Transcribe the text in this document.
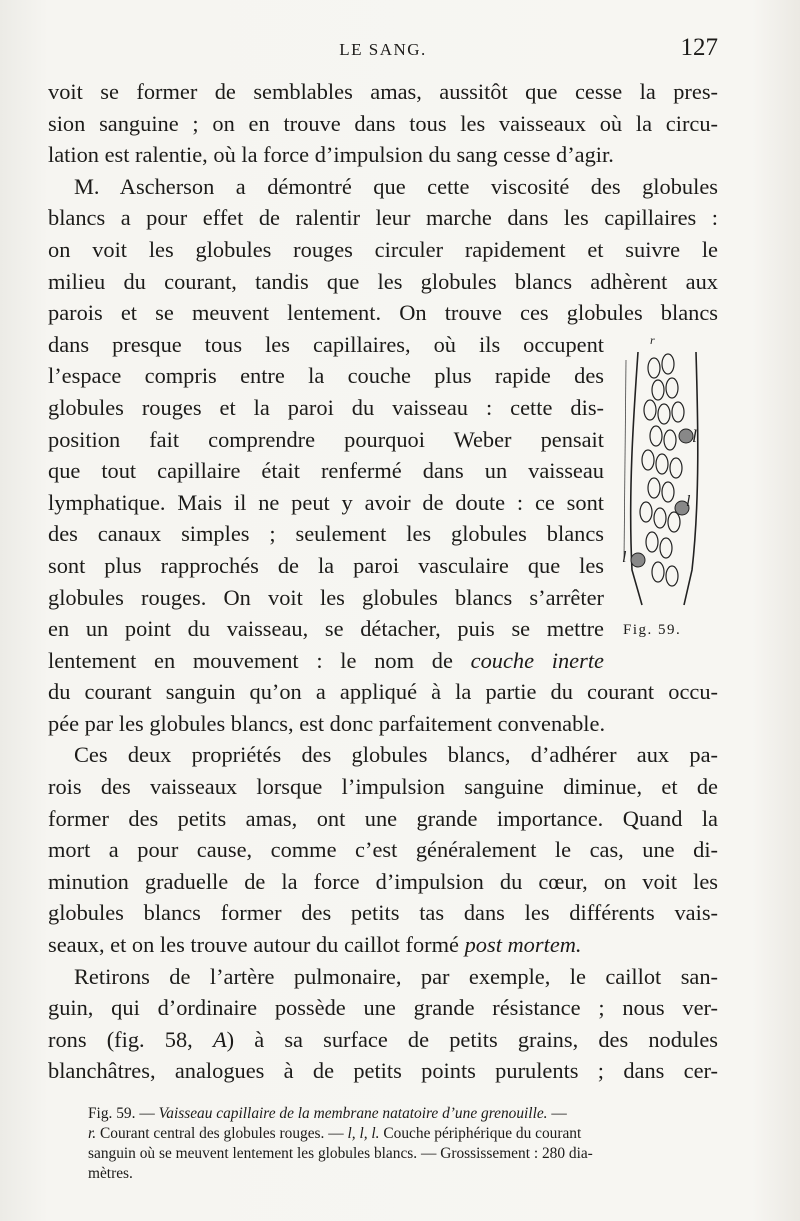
LE SANG.	127
voit se former de semblables amas, aussitôt que cesse la pres-
sion sanguine ; on en trouve dans tous les vaisseaux où la circu-
lation est ralentie, où la force d’impulsion du sang cesse d’agir.
M. Ascherson a démontré que cette viscosité des globules
blancs a pour effet de ralentir leur marche dans les capillaires :
on voit les globules rouges circuler rapidement et suivre le
milieu du courant, tandis que les globules blancs adhèrent aux
parois et se meuvent lentement. On trouve ces globules blancs
dans presque tous les capillaires, où ils occupent
l’espace compris entre la couche plus rapide des
globules rouges et la paroi du vaisseau : cette dis-
position fait comprendre pourquoi Weber pensait
que tout capillaire était renfermé dans un vaisseau
lymphatique. Mais il ne peut y avoir de doute : ce sont
des canaux simples ; seulement les globules blancs
sont plus rapprochés de la paroi vasculaire que les
globules rouges. On voit les globules blancs s’arrêter
en un point du vaisseau, se détacher, puis se mettre
lentement en mouvement : le nom de couche inerte
du courant sanguin qu’on a appliqué à la partie du courant occu-
pée par les globules blancs, est donc parfaitement convenable.
Ces deux propriétés des globules blancs, d’adhérer aux pa-
rois des vaisseaux lorsque l’impulsion sanguine diminue, et de
former des petits amas, ont une grande importance. Quand la
mort a pour cause, comme c’est généralement le cas, une di-
minution graduelle de la force d’impulsion du cœur, on voit les
globules blancs former des petits tas dans les différents vais-
seaux, et on les trouve autour du caillot formé post mortem.
Retirons de l’artère pulmonaire, par exemple, le caillot san-
guin, qui d’ordinaire possède une grande résistance ; nous ver-
rons (fig. 58, A) à sa surface de petits grains, des nodules
blanchâtres, analogues à de petits points purulents ; dans cer-
r
l
l
l
Fig. 59.
Fig. 59. — Vaisseau capillaire de la membrane natatoire d’une grenouille. —
r. Courant central des globules rouges. — l, l, l. Couche périphérique du courant
sanguin où se meuvent lentement les globules blancs. — Grossissement : 280 dia-
mètres.
